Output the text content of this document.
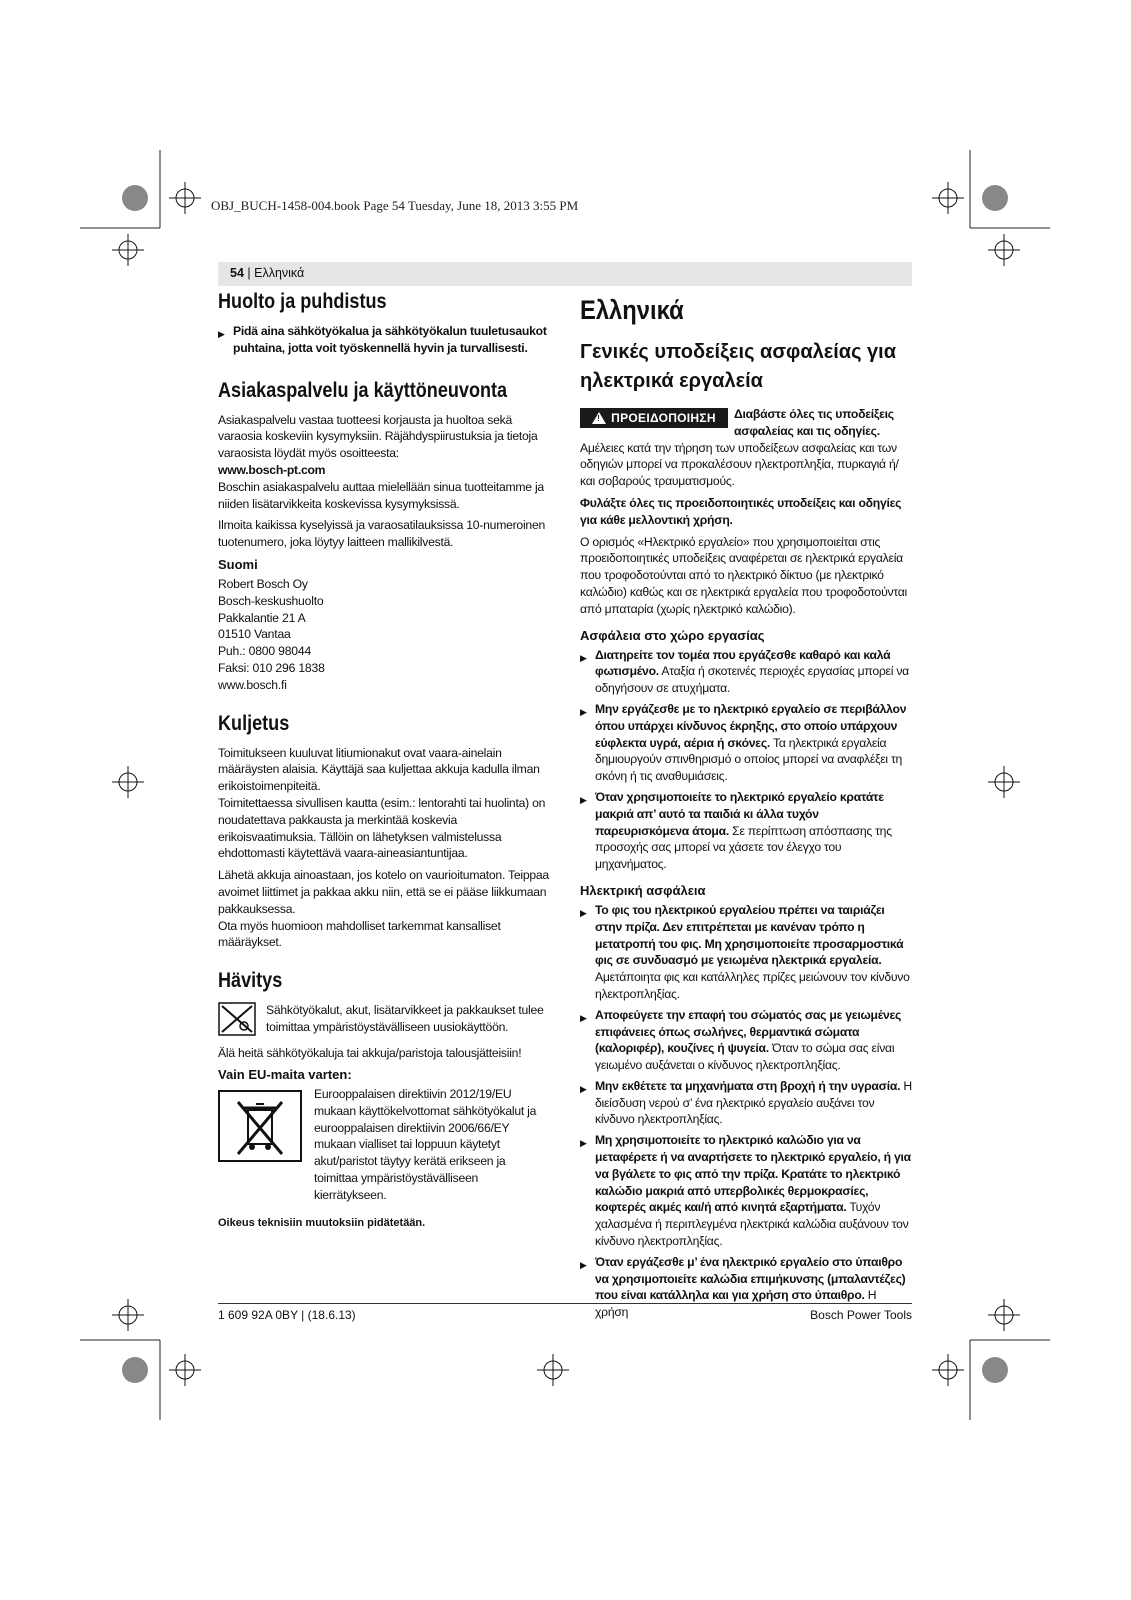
OBJ_BUCH-1458-004.book Page 54 Tuesday, June 18, 2013 3:55 PM
54 | Ελληνικά
Huolto ja puhdistus
▶ Pidä aina sähkötyökalua ja sähkötyökalun tuuletusaukot puhtaina, jotta voit työskennellä hyvin ja turvallisesti.
Asiakaspalvelu ja käyttöneuvonta

Asiakaspalvelu vastaa tuotteesi korjausta ja huoltoa sekä varaosia koskeviin kysymyksiin. Räjähdyspiirustuksia ja tietoja varaosista löydät myös osoitteesta:

www.bosch-pt.com

Boschin asiakaspalvelu auttaa mielellään sinua tuotteitamme ja niiden lisätarvikkeita koskevissa kysymyksissä.

Ilmoita kaikissa kyselyissä ja varaosatilauksissa 10-numeroinen tuotenumero, joka löytyy laitteen mallikilvestä.

Suomi
Robert Bosch Oy
Bosch-keskushuolto
Pakkalantie 21 A
01510 Vantaa
Puh.: 0800 98044
Faksi: 010 296 1838
www.bosch.fi
Kuljetus

Toimitukseen kuuluvat litiumionakut ovat vaara-ainelain määräysten alaisia. Käyttäjä saa kuljettaa akkuja kadulla ilman erikoistoimenpiteitä.

Toimitettaessa sivullisen kautta (esim.: lentorahti tai huolinta) on noudatettava pakkausta ja merkintää koskevia erikoisvaatimuksia. Tällöin on lähetyksen valmistelussa ehdottomasti käytettävä vaara-aineasiantuntijaa.

Lähetä akkuja ainoastaan, jos kotelo on vaurioitumaton. Teippaa avoimet liittimet ja pakkaa akku niin, että se ei pääse liikkumaan pakkauksessa.

Ota myös huomioon mahdolliset tarkemmat kansalliset määräykset.

Hävitys

Sähkötyökalut, akut, lisätarvikkeet ja pakkaukset tulee toimittaa ympäristöystävälliseen uusiokäyttöön.

Älä heitä sähkötyökaluja tai akkuja/paristoja talousjätteisiin!

Vain EU-maita varten:

Eurooppalaisen direktiivin 2012/19/EU mukaan käyttökelvottomat sähkötyökalut ja eurooppalaisen direktiivin 2006/66/EY mukaan vialliset tai loppuun käytetyt akut/paristot täytyy kerätä erikseen ja toimittaa ympäristöystävälliseen kierrätykseen.

Oikeus teknisiin muutoksiin pidätetään.
Ελληνικά
Γενικές υποδείξεις ασφαλείας για ηλεκτρικά εργαλεία
! ΠΡΟΕΙΔΟΠΟΙΗΣΗ Διαβάστε όλες τις υποδείξεις ασφαλείας και τις οδηγίες.

Αμέλειες κατά την τήρηση των υποδείξεων ασφαλείας και των οδηγιών μπορεί να προκαλέσουν ηλεκτροπληξία, πυρκαγιά ή/και σοβαρούς τραυματισμούς.

Φυλάξτε όλες τις προειδοποιητικές υποδείξεις και οδηγίες για κάθε μελλοντική χρήση.

Ο ορισμός «Ηλεκτρικό εργαλείο» που χρησιμοποιείται στις προειδοποιητικές υποδείξεις αναφέρεται σε ηλεκτρικά εργαλεία που τροφοδοτούνται από το ηλεκτρικό δίκτυο (με ηλεκτρικό καλώδιο) καθώς και σε ηλεκτρικά εργαλεία που τροφοδοτούνται από μπαταρία (χωρίς ηλεκτρικό καλώδιο).

Ασφάλεια στο χώρο εργασίας
▶ Διατηρείτε τον τομέα που εργάζεσθε καθαρό και καλά φωτισμένο. Αταξία ή σκοτεινές περιοχές εργασίας μπορεί να οδηγήσουν σε ατυχήματα.
▶ Μην εργάζεσθε με το ηλεκτρικό εργαλείο σε περιβάλλον όπου υπάρχει κίνδυνος έκρηξης, στο οποίο υπάρχουν εύφλεκτα υγρά, αέρια ή σκόνες. Τα ηλεκτρικά εργαλεία δημιουργούν σπινθηρισμό ο οποίος μπορεί να αναφλέξει τη σκόνη ή τις αναθυμιάσεις.
▶ Όταν χρησιμοποιείτε το ηλεκτρικό εργαλείο κρατάτε μακριά απ’ αυτό τα παιδιά κι άλλα τυχόν παρευρισκόμενα άτομα. Σε περίπτωση απόσπασης της προσοχής σας μπορεί να χάσετε τον έλεγχο του μηχανήματος.
Ηλεκτρική ασφάλεια
▶ Το φις του ηλεκτρικού εργαλείου πρέπει να ταιριάζει στην πρίζα. Δεν επιτρέπεται με κανέναν τρόπο η μετατροπή του φις. Μη χρησιμοποιείτε προσαρμοστικά φις σε συνδυασμό με γειωμένα ηλεκτρικά εργαλεία. Αμετάποιητα φις και κατάλληλες πρίζες μειώνουν τον κίνδυνο ηλεκτροπληξίας.
▶ Αποφεύγετε την επαφή του σώματός σας με γειωμένες επιφάνειες όπως σωλήνες, θερμαντικά σώματα (καλοριφέρ), κουζίνες ή ψυγεία. Όταν το σώμα σας είναι γειωμένο αυξάνεται ο κίνδυνος ηλεκτροπληξίας.
▶ Μην εκθέτετε τα μηχανήματα στη βροχή ή την υγρασία. Η διείσδυση νερού σ’ ένα ηλεκτρικό εργαλείο αυξάνει τον κίνδυνο ηλεκτροπληξίας.
▶ Μη χρησιμοποιείτε το ηλεκτρικό καλώδιο για να μεταφέρετε ή να αναρτήσετε το ηλεκτρικό εργαλείο, ή για να βγάλετε το φις από την πρίζα. Κρατάτε το ηλεκτρικό καλώδιο μακριά από υπερβολικές θερμοκρασίες, κοφτερές ακμές και/ή από κινητά εξαρτήματα. Τυχόν χαλασμένα ή περιπλεγμένα ηλεκτρικά καλώδια αυξάνουν τον κίνδυνο ηλεκτροπληξίας.
▶ Όταν εργάζεσθε μ’ ένα ηλεκτρικό εργαλείο στο ύπαιθρο να χρησιμοποιείτε καλώδια επιμήκυνσης (μπαλαντέζες) που είναι κατάλληλα και για χρήση στο ύπαιθρο. Η χρήση
1 609 92A 0BY | (18.6.13)	Bosch Power Tools
